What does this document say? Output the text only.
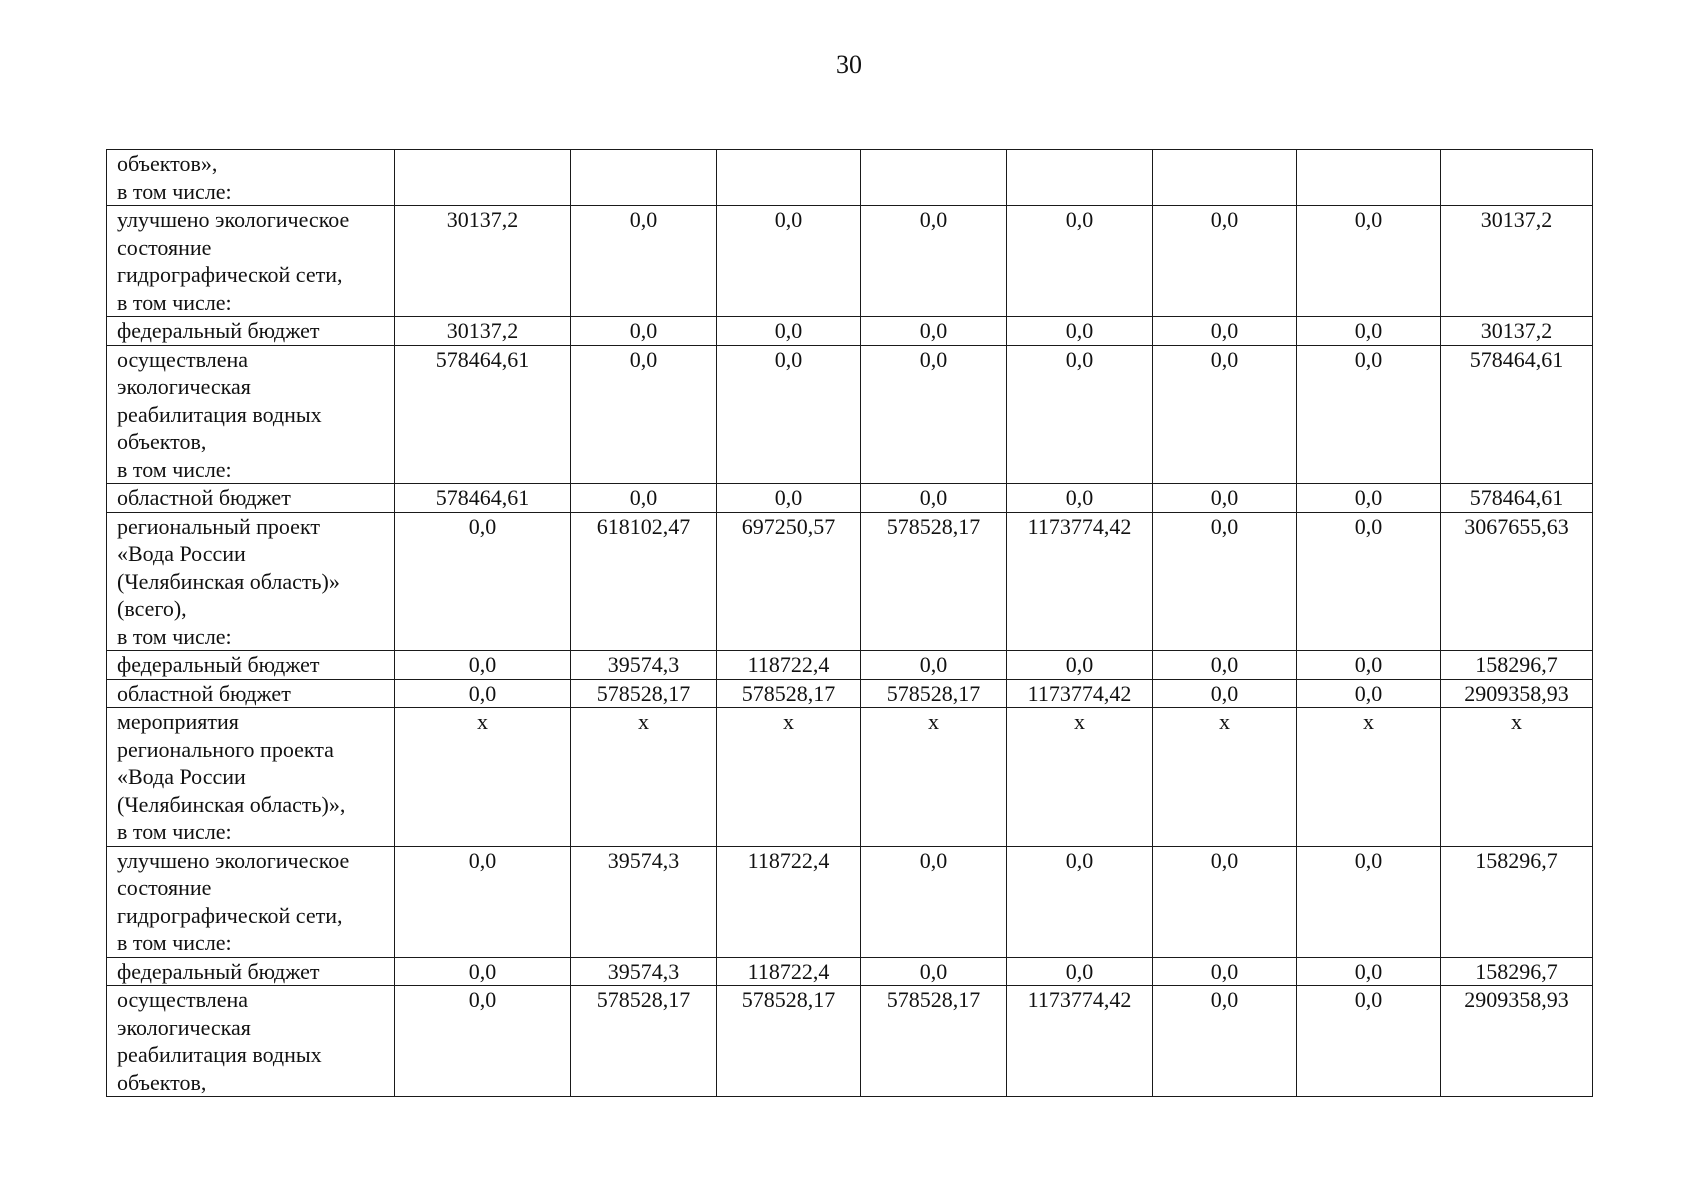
30
объектов»,
в том числе:								

улучшено экологическое
состояние
гидрографической сети,
в том числе:	30137,2	0,0	0,0	0,0	0,0	0,0	0,0	30137,2

федеральный бюджет	30137,2	0,0	0,0	0,0	0,0	0,0	0,0	30137,2

осуществлена
экологическая
реабилитация водных
объектов,
в том числе:	578464,61	0,0	0,0	0,0	0,0	0,0	0,0	578464,61

областной бюджет	578464,61	0,0	0,0	0,0	0,0	0,0	0,0	578464,61

региональный проект
«Вода России
(Челябинская область)»
(всего),
в том числе:	0,0	618102,47	697250,57	578528,17	1173774,42	0,0	0,0	3067655,63

федеральный бюджет	0,0	39574,3	118722,4	0,0	0,0	0,0	0,0	158296,7

областной бюджет	0,0	578528,17	578528,17	578528,17	1173774,42	0,0	0,0	2909358,93

мероприятия
регионального проекта
«Вода России
(Челябинская область)»,
в том числе:	x	x	x	x	x	x	x	x

улучшено экологическое
состояние
гидрографической сети,
в том числе:	0,0	39574,3	118722,4	0,0	0,0	0,0	0,0	158296,7

федеральный бюджет	0,0	39574,3	118722,4	0,0	0,0	0,0	0,0	158296,7

осуществлена
экологическая
реабилитация водных
объектов,	0,0	578528,17	578528,17	578528,17	1173774,42	0,0	0,0	2909358,93
